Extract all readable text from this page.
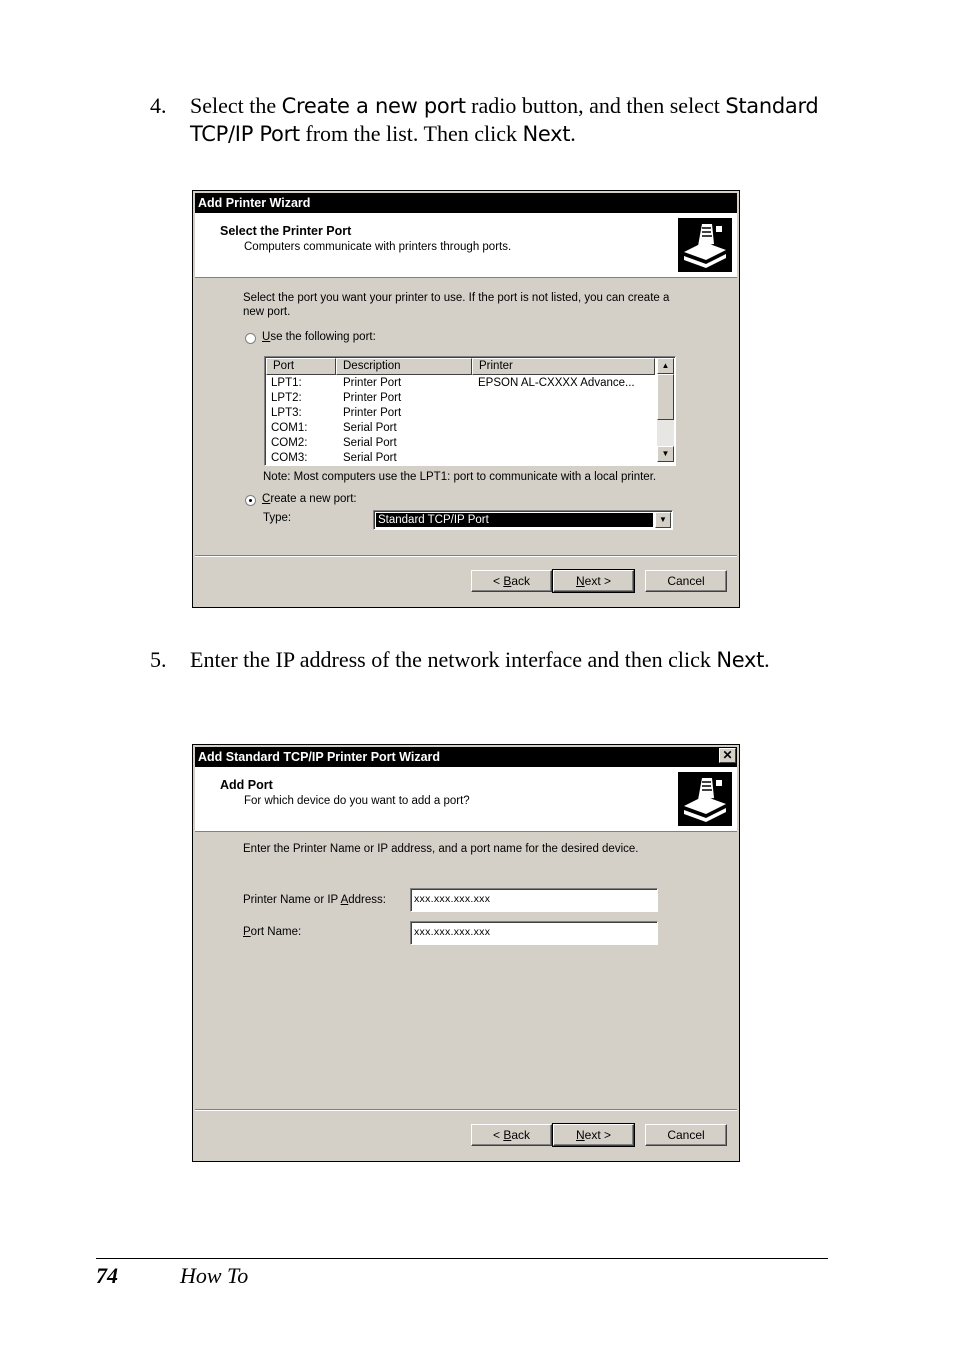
4. Select the Create a new port radio button, and then select Standard TCP/IP Port from the list. Then click Next.
Add Printer Wizard
Select the Printer Port
Computers communicate with printers through ports.
Select the port you want your printer to use. If the port is not listed, you can create a
new port.
Use the following port:
Port	Description	Printer
LPT1:	Printer Port	EPSON AL-CXXXX Advance...
LPT2:	Printer Port
LPT3:	Printer Port
COM1:	Serial Port
COM2:	Serial Port
COM3:	Serial Port
▲
▼
Note: Most computers use the LPT1: port to communicate with a local printer.
Create a new port:
Type:	Standard TCP/IP Port	▼
< Back	Next >	Cancel
5. Enter the IP address of the network interface and then click Next.
Add Standard TCP/IP Printer Port Wizard	✕
Add Port
For which device do you want to add a port?
Enter the Printer Name or IP address, and a port name for the desired device.
Printer Name or IP Address:	xxx.xxx.xxx.xxx
Port Name:	xxx.xxx.xxx.xxx
< Back	Next >	Cancel
74	How To
